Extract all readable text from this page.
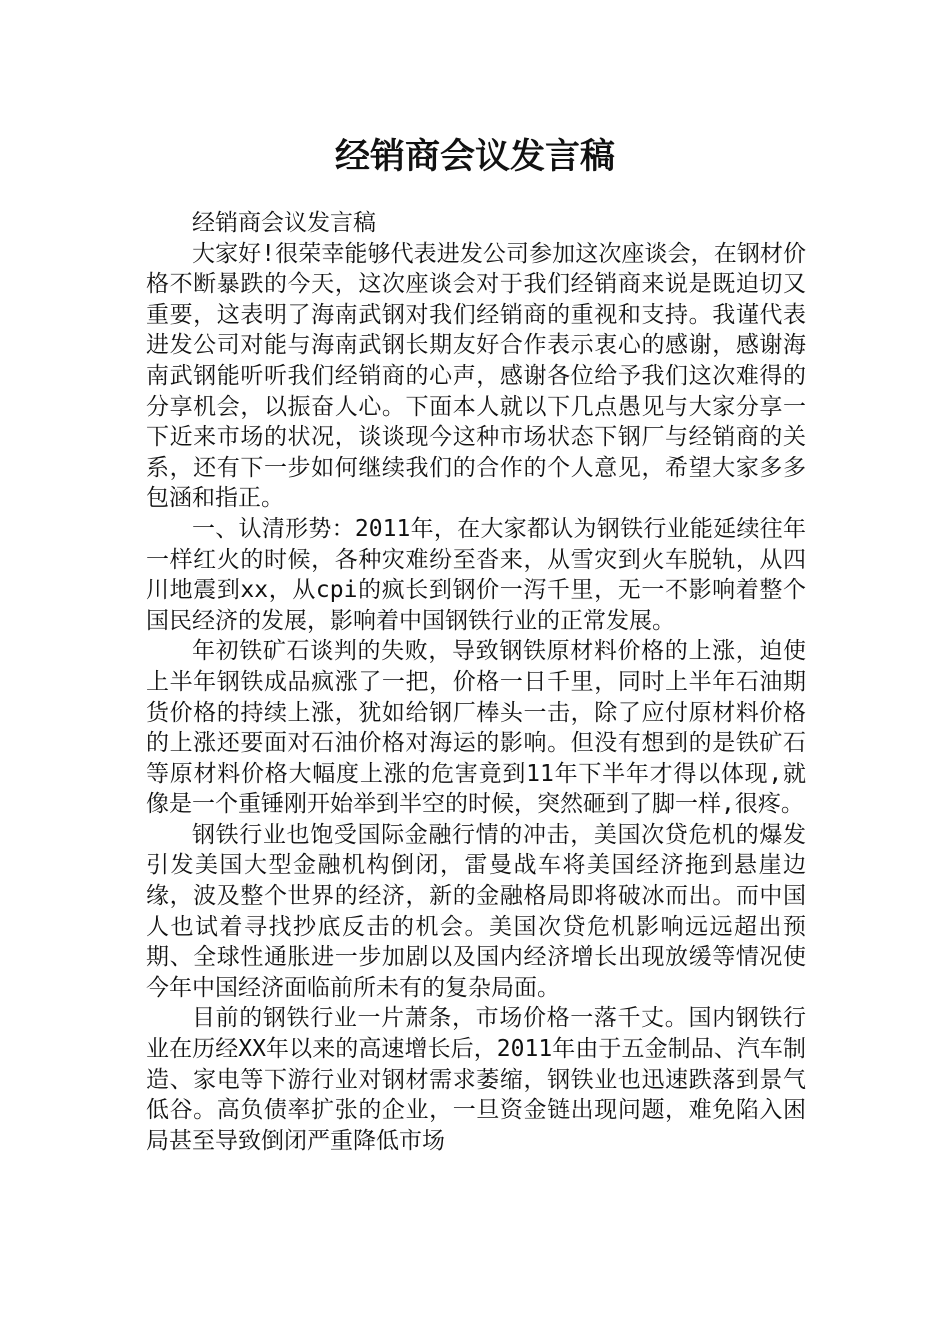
经销商会议发言稿

经销商会议发言稿

大家好!很荣幸能够代表进发公司参加这次座谈会，在钢材价格不断暴跌的今天，这次座谈会对于我们经销商来说是既迫切又重要，这表明了海南武钢对我们经销商的重视和支持。我谨代表进发公司对能与海南武钢长期友好合作表示衷心的感谢，感谢海南武钢能听听我们经销商的心声，感谢各位给予我们这次难得的分享机会，以振奋人心。下面本人就以下几点愚见与大家分享一下近来市场的状况，谈谈现今这种市场状态下钢厂与经销商的关系，还有下一步如何继续我们的合作的个人意见，希望大家多多包涵和指正。

一、认清形势：2011年，在大家都认为钢铁行业能延续往年一样红火的时候，各种灾难纷至沓来，从雪灾到火车脱轨，从四川地震到xx，从cpi的疯长到钢价一泻千里，无一不影响着整个国民经济的发展，影响着中国钢铁行业的正常发展。

年初铁矿石谈判的失败，导致钢铁原材料价格的上涨，迫使上半年钢铁成品疯涨了一把，价格一日千里，同时上半年石油期货价格的持续上涨，犹如给钢厂棒头一击，除了应付原材料价格的上涨还要面对石油价格对海运的影响。但没有想到的是铁矿石等原材料价格大幅度上涨的危害竟到11年下半年才得以体现,就像是一个重锤刚开始举到半空的时候，突然砸到了脚一样,很疼。

钢铁行业也饱受国际金融行情的冲击，美国次贷危机的爆发引发美国大型金融机构倒闭，雷曼战车将美国经济拖到悬崖边缘，波及整个世界的经济，新的金融格局即将破冰而出。而中国人也试着寻找抄底反击的机会。美国次贷危机影响远远超出预期、全球性通胀进一步加剧以及国内经济增长出现放缓等情况使今年中国经济面临前所未有的复杂局面。

目前的钢铁行业一片萧条，市场价格一落千丈。国内钢铁行业在历经XX年以来的高速增长后，2011年由于五金制品、汽车制造、家电等下游行业对钢材需求萎缩，钢铁业也迅速跌落到景气低谷。高负债率扩张的企业，一旦资金链出现问题，难免陷入困局甚至导致倒闭严重降低市场
